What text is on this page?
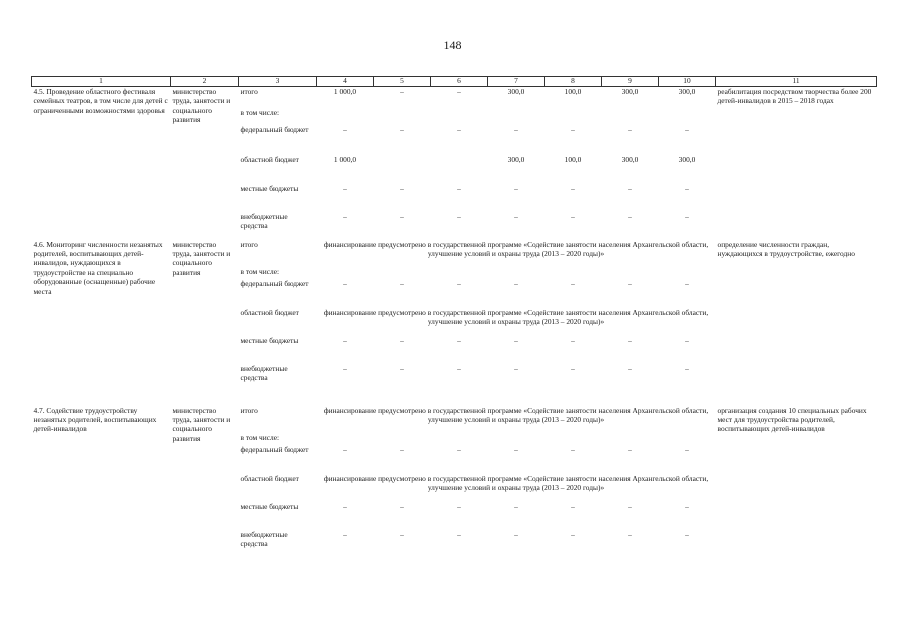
148
1	2	3	4	5	6	7	8	9	10	11
4.5. Проведение областного фестиваля семейных театров, в том числе для детей с ограниченными возможностями здоровья	министерство труда, занятости и социального развития	итого	1 000,0	–	–	300,0	100,0	300,0	300,0	реабилитация посредством творчества более 200 детей-инвалидов в 2015 – 2018 годах
		в том числе:								
		федеральный бюджет	–	–	–	–	–	–	–	
		областной бюджет	1 000,0			300,0	100,0	300,0	300,0	
		местные бюджеты	–	–	–	–	–	–	–	
		внебюджетные средства	–	–	–	–	–	–	–	
4.6. Мониторинг численности незанятых родителей, воспитывающих детей-инвалидов, нуждающихся в трудоустройстве на специально оборудованные (оснащенные) рабочие места	министерство труда, занятости и социального развития	итого	финансирование предусмотрено в государственной программе «Содействие занятости населения Архангельской области, улучшение условий и охраны труда (2013 – 2020 годы)»							определение численности граждан, нуждающихся в трудоустройстве, ежегодно
		в том числе:								
		федеральный бюджет	–	–	–	–	–	–	–	
		областной бюджет	финансирование предусмотрено в государственной программе «Содействие занятости населения Архангельской области, улучшение условий и охраны труда (2013 – 2020 годы)»							
		местные бюджеты	–	–	–	–	–	–	–	
		внебюджетные средства	–	–	–	–	–	–	–	

4.7. Содействие трудоустройству незанятых родителей, воспитывающих детей-инвалидов	министерство труда, занятости и социального развития	итого	финансирование предусмотрено в государственной программе «Содействие занятости населения Архангельской области, улучшение условий и охраны труда (2013 – 2020 годы)»							организация создания 10 специальных рабочих мест для трудоустройства родителей, воспитывающих детей-инвалидов
		в том числе:								
		федеральный бюджет	–	–	–	–	–	–	–	
		областной бюджет	финансирование предусмотрено в государственной программе «Содействие занятости населения Архангельской области, улучшение условий и охраны труда (2013 – 2020 годы)»							
		местные бюджеты	–	–	–	–	–	–	–	
		внебюджетные средства	–	–	–	–	–	–	–	
